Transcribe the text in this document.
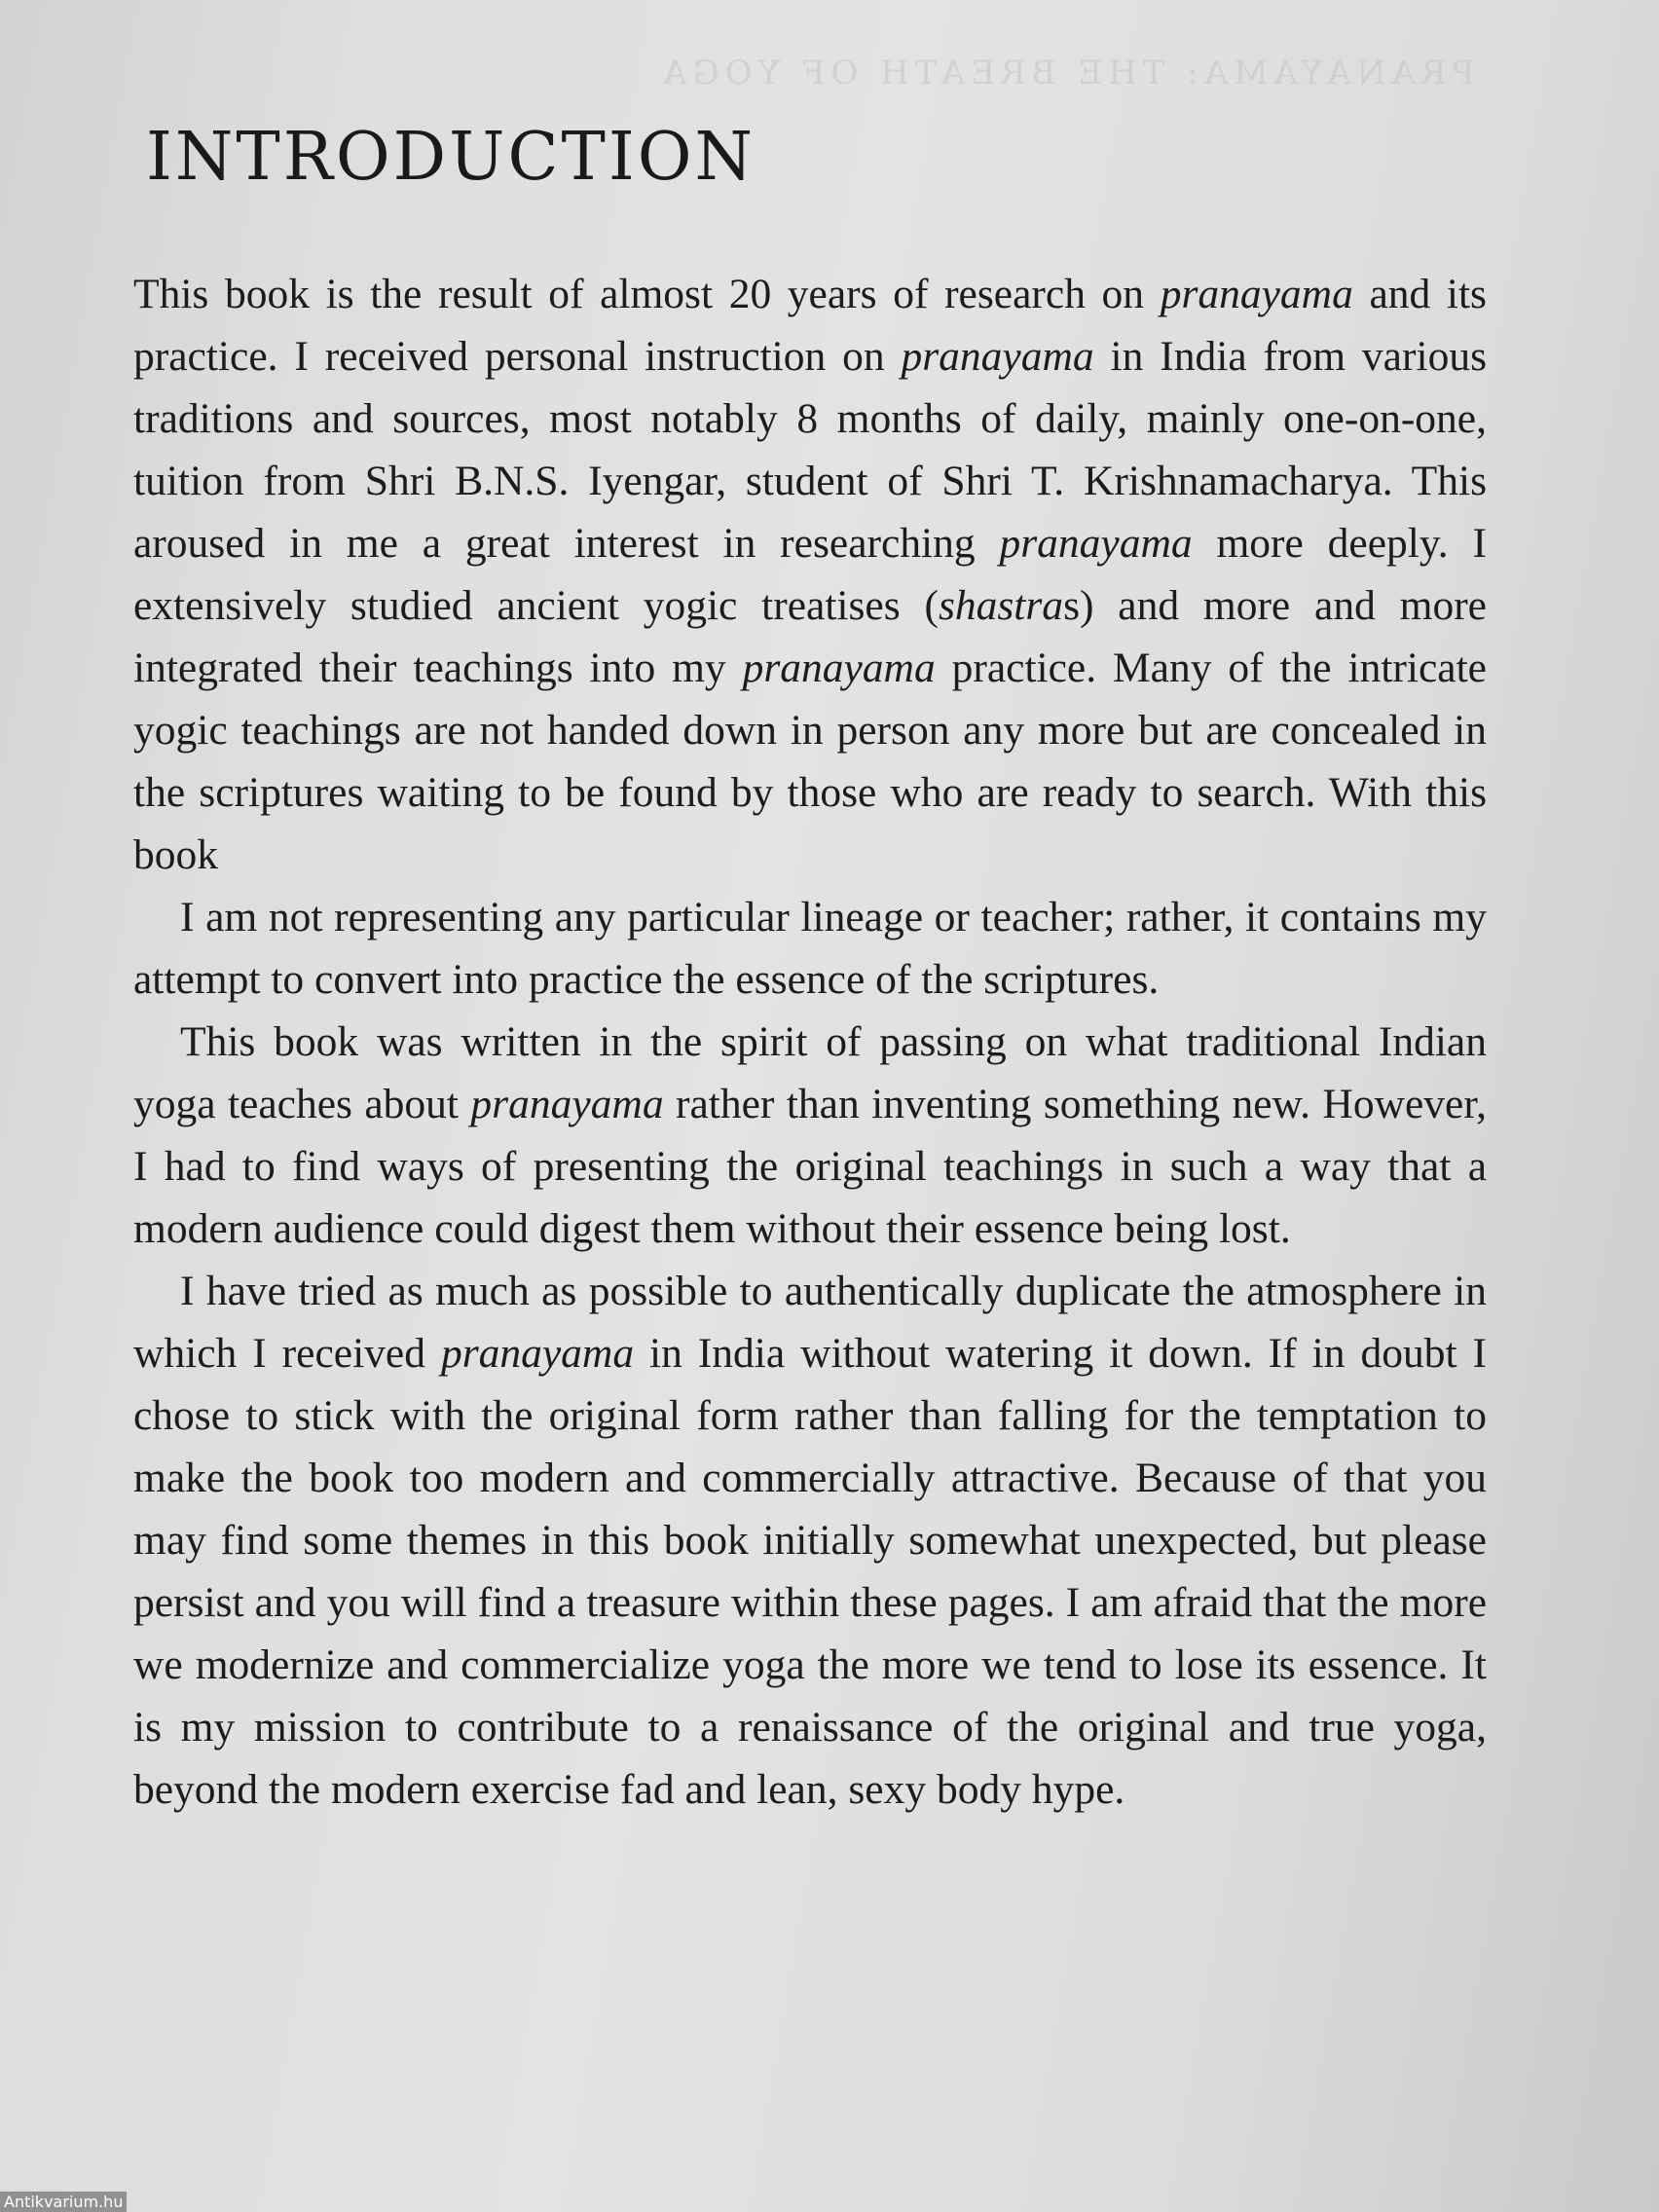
PRANAYAMA: THE BREATH OF YOGA
INTRODUCTION

This book is the result of almost 20 years of research on pranayama and its practice. I received personal instruction on pranayama in India from various traditions and sources, most notably 8 months of daily, mainly one-on-one, tuition from Shri B.N.S. Iyengar, student of Shri T. Krishnamacharya. This aroused in me a great interest in researching pranayama more deeply. I extensively studied ancient yogic treatises (shastras) and more and more integrated their teachings into my pranayama practice. Many of the intricate yogic teachings are not handed down in person any more but are concealed in the scriptures waiting to be found by those who are ready to search. With this book

I am not representing any particular lineage or teacher; rather, it contains my attempt to convert into practice the essence of the scriptures.

This book was written in the spirit of passing on what traditional Indian yoga teaches about pranayama rather than inventing something new. However, I had to find ways of presenting the original teachings in such a way that a modern audience could digest them without their essence being lost.

I have tried as much as possible to authentically duplicate the atmosphere in which I received pranayama in India without watering it down. If in doubt I chose to stick with the original form rather than falling for the temptation to make the book too modern and commercially attractive. Because of that you may find some themes in this book initially somewhat unexpected, but please persist and you will find a treasure within these pages. I am afraid that the more we modernize and commercialize yoga the more we tend to lose its essence. It is my mission to contribute to a renaissance of the original and true yoga, beyond the modern exercise fad and lean, sexy body hype.

Antikvarium.hu
